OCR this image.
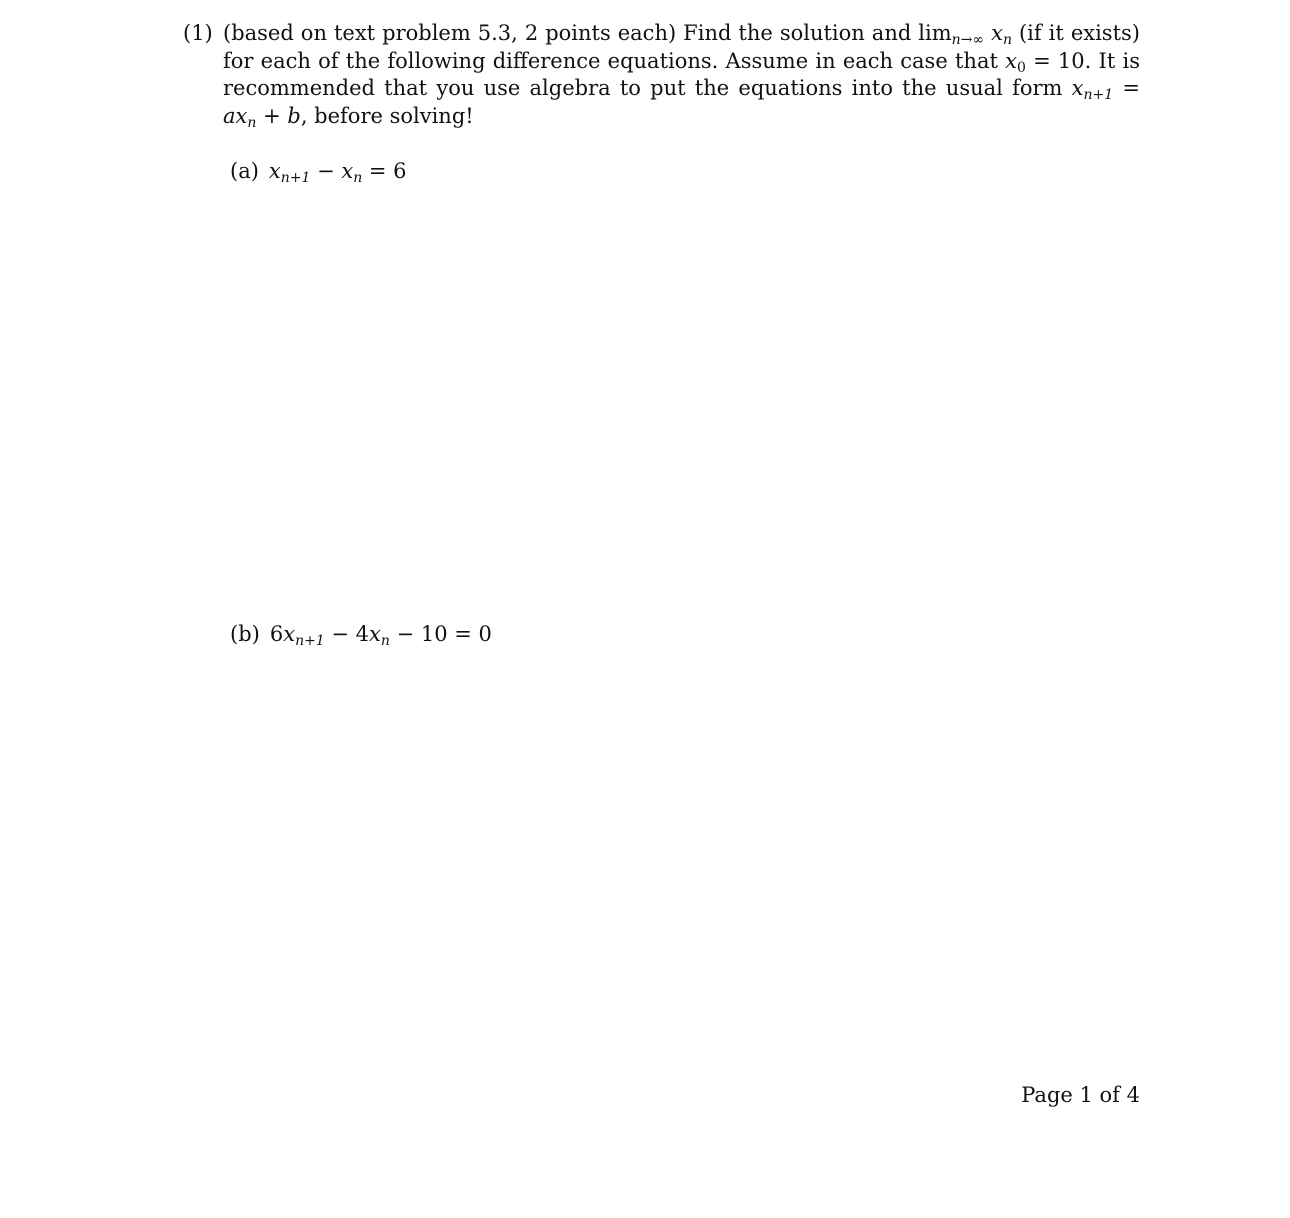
(1) (based on text problem 5.3, 2 points each) Find the solution and $\lim_{n\to\infty} x_n$ (if it exists) for each of the following difference equations. Assume in each case that $x_0 = 10$. It is recommended that you use algebra to put the equations into the usual form $x_{n+1} = ax_n + b$, before solving!
(a) $x_{n+1} - x_n = 6$
(b) $6x_{n+1} - 4x_n - 10 = 0$
Page 1 of 4
